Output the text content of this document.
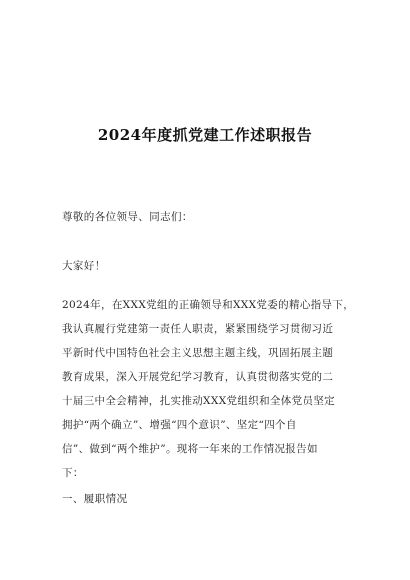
2024年度抓党建工作述职报告
尊敬的各位领导、同志们：
大家好！
2024年，在XXX党组的正确领导和XXX党委的精心指导下，
我认真履行党建第一责任人职责，紧紧围绕学习贯彻习近
平新时代中国特色社会主义思想主题主线，巩固拓展主题
教育成果，深入开展党纪学习教育，认真贯彻落实党的二
十届三中全会精神，扎实推动XXX党组织和全体党员坚定
拥护“两个确立”、增强“四个意识”、坚定“四个自
信”、做到“两个维护”。现将一年来的工作情况报告如
下：
一、履职情况
